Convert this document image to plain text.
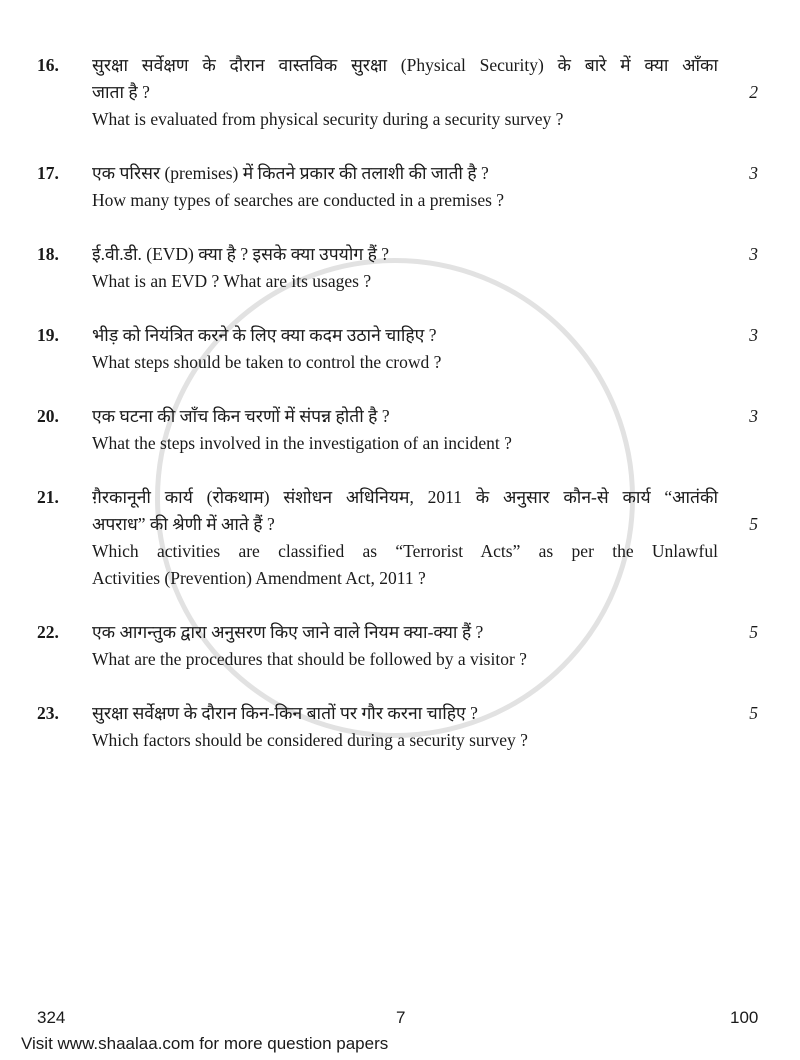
16. सुरक्षा सर्वेक्षण के दौरान वास्तविक सुरक्षा (Physical Security) के बारे में क्या आँका
जाता है ?
What is evaluated from physical security during a security survey ?
2
17. एक परिसर (premises) में कितने प्रकार की तलाशी की जाती है ?
How many types of searches are conducted in a premises ?
3
18. ई.वी.डी. (EVD) क्या है ? इसके क्या उपयोग हैं ?
What is an EVD ? What are its usages ?
3
19. भीड़ को नियंत्रित करने के लिए क्या कदम उठाने चाहिए ?
What steps should be taken to control the crowd ?
3
20. एक घटना की जाँच किन चरणों में संपन्न होती है ?
What the steps involved in the investigation of an incident ?
3
21. ग़ैरकानूनी कार्य (रोकथाम) संशोधन अधिनियम, 2011 के अनुसार कौन-से कार्य “आतंकी
अपराध” की श्रेणी में आते हैं ?
Which activities are classified as “Terrorist Acts” as per the Unlawful
Activities (Prevention) Amendment Act, 2011 ?
5
22. एक आगन्तुक द्वारा अनुसरण किए जाने वाले नियम क्या-क्या हैं ?
What are the procedures that should be followed by a visitor ?
5
23. सुरक्षा सर्वेक्षण के दौरान किन-किन बातों पर गौर करना चाहिए ?
Which factors should be considered during a security survey ?
5
324	7	100
Visit www.shaalaa.com for more question papers
